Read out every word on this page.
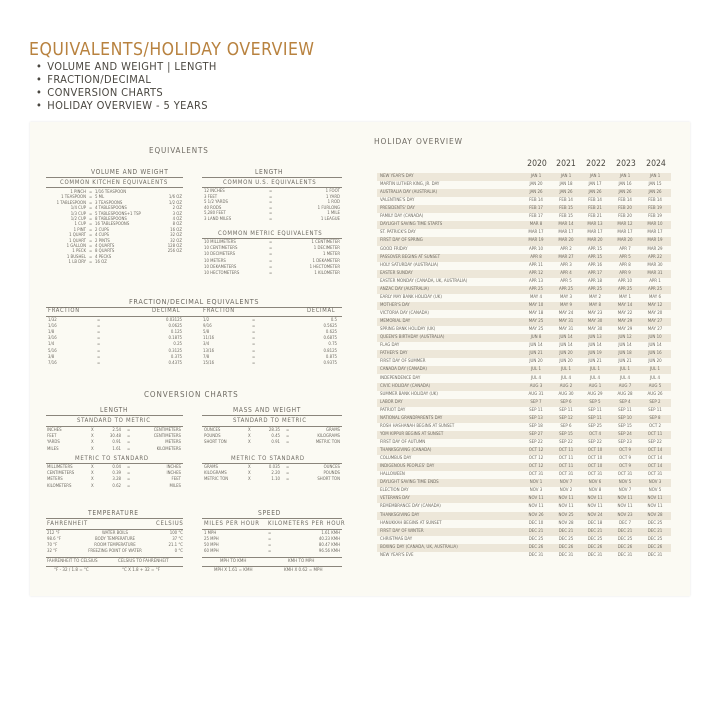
EQUIVALENTS/HOLIDAY OVERVIEW
• VOLUME AND WEIGHT | LENGTH
• FRACTION/DECIMAL
• CONVERSION CHARTS
• HOLIDAY OVERVIEW - 5 YEARS
EQUIVALENTS
VOLUME AND WEIGHT
COMMON KITCHEN EQUIVALENTS
LENGTH
COMMON U.S. EQUIVALENTS
COMMON METRIC EQUIVALENTS
FRACTION/DECIMAL EQUIVALENTS
FRACTION	DECIMAL	FRACTION	DECIMAL
CONVERSION CHARTS
LENGTH
STANDARD TO METRIC
METRIC TO STANDARD
MASS AND WEIGHT
STANDARD TO METRIC
METRIC TO STANDARD
TEMPERATURE
FAHRENHEIT	CELSIUS
FAHRENHEIT TO CELSIUS	CELSIUS TO FAHRENHEIT
°F - 32 / 1.8 = °C	°C X 1.8 + 32 = °F
SPEED
MILES PER HOUR KILOMETERS PER HOUR
MPH TO KMH	KMH TO MPH
MPH X 1.61 = KMH	KMH X 0.62 = MPH
HOLIDAY OVERVIEW
2020	2021	2022	2023	2024
1 PINCH = 1/16 TEASPOON
1 TEASPOON = 5 ML	1/6 OZ
1 TABLESPOON = 3 TEASPOONS	1/2 OZ
1/4 CUP = 4 TABLESPOONS	2 OZ
1/3 CUP = 5 TABLESPOONS+1 TSP	3 OZ
1/2 CUP = 8 TABLESPOONS	4 OZ
1 CUP = 16 TABLESPOONS	8 OZ
1 PINT = 2 CUPS	16 OZ
1 QUART = 4 CUPS	32 OZ
1 QUART = 2 PINTS	32 OZ
1 GALLON = 4 QUARTS	128 OZ
1 PECK = 8 QUARTS	256 OZ
1 BUSHEL = 4 PECKS
1 LB DRY = 16 OZ
12 INCHES	=	1 FOOT
3 FEET	=	1 YARD
5 1/2 YARDS	=	1 ROD
40 RODS	=	1 FURLONG
5,280 FEET	=	1 MILE
3 LAND MILES	=	1 LEAGUE
10 MILLIMETERS	=	1 CENTIMETER
10 CENTIMETERS	=	1 DECIMETER
10 DECIMETERS	=	1 METER
10 METERS	=	1 DEKAMETER
10 DEKAMETERS	=	1 HECTOMETER
10 HECTOMETERS	=	1 KILOMETER
1/32	=	0.03125
1/16	=	0.0625
1/8	=	0.125
3/16	=	0.1875
1/4	=	0.25
5/16	=	0.3125
3/8	=	0.375
7/16	=	0.4375
1/2	=	0.5
9/16	=	0.5625
5/8	=	0.625
11/16	=	0.6875
3/4	=	0.75
13/16	=	0.8125
7/8	=	0.875
15/16	=	0.9375
INCHES	X	2.54 =	CENTIMETERS
FEET	X	30.48 =	CENTIMETERS
YARDS	X	0.91 =	METERS
MILES	X	1.61 =	KILOMETERS
MILLIMETERS	X	0.04 =	INCHES
CENTIMETERS	X	0.39 =	INCHES
METERS	X	3.28 =	FEET
KILOMETERS	X	0.62 =	MILES
OUNCES	X	28.35 =	GRAMS
POUNDS	X	0.45 =	KILOGRAMS
SHORT TON	X	0.91 =	METRIC TON
GRAMS	X	0.035 =	OUNCES
KILOGRAMS	X	2.20 =	POUNDS
METRIC TON	X	1.10 =	SHORT TON
212 °F	WATER BOILS	100 °C
98.6 °F	BODY TEMPERATURE	37 °C
70 °F	ROOM TEMPERATURE	21.1 °C
32 °F	FREEZING POINT OF WATER	0 °C
1 MPH	=	1.61 KMH
25 MPH	=	40.23 KMH
50 MPH	=	80.47 KMH
60 MPH	=	96.56 KMH
NEW YEAR'S DAY	JAN 1	JAN 1	JAN 1	JAN 1	JAN 1
MARTIN LUTHER KING, JR. DAY	JAN 20	JAN 18	JAN 17	JAN 16	JAN 15
AUSTRALIA DAY (AUSTRALIA)	JAN 26	JAN 26	JAN 26	JAN 26	JAN 26
VALENTINE'S DAY	FEB 14	FEB 14	FEB 14	FEB 14	FEB 14
PRESIDENTS' DAY	FEB 17	FEB 15	FEB 21	FEB 20	FEB 19
FAMILY DAY (CANADA)	FEB 17	FEB 15	FEB 21	FEB 20	FEB 19
DAYLIGHT SAVING TIME STARTS	MAR 8	MAR 14	MAR 13	MAR 12	MAR 10
ST. PATRICK'S DAY	MAR 17	MAR 17	MAR 17	MAR 17	MAR 17
FIRST DAY OF SPRING	MAR 19	MAR 20	MAR 20	MAR 20	MAR 19
GOOD FRIDAY	APR 10	APR 2	APR 15	APR 7	MAR 29
PASSOVER BEGINS AT SUNSET	APR 8	MAR 27	APR 15	APR 5	APR 22
HOLY SATURDAY (AUSTRALIA)	APR 11	APR 3	APR 16	APR 8	MAR 30
EASTER SUNDAY	APR 12	APR 4	APR 17	APR 9	MAR 31
EASTER MONDAY (CANADA, UK, AUSTRALIA)	APR 13	APR 5	APR 18	APR 10	APR 1
ANZAC DAY (AUSTRALIA)	APR 25	APR 25	APR 25	APR 25	APR 25
EARLY MAY BANK HOLIDAY (UK)	MAY 4	MAY 3	MAY 2	MAY 1	MAY 6
MOTHER'S DAY	MAY 10	MAY 9	MAY 8	MAY 14	MAY 12
VICTORIA DAY (CANADA)	MAY 18	MAY 24	MAY 23	MAY 22	MAY 20
MEMORIAL DAY	MAY 25	MAY 31	MAY 30	MAY 29	MAY 27
SPRING BANK HOLIDAY (UK)	MAY 25	MAY 31	MAY 30	MAY 29	MAY 27
QUEEN'S BIRTHDAY (AUSTRALIA)	JUN 8	JUN 14	JUN 13	JUN 12	JUN 10
FLAG DAY	JUN 14	JUN 14	JUN 14	JUN 14	JUN 14
FATHER'S DAY	JUN 21	JUN 20	JUN 19	JUN 18	JUN 16
FIRST DAY OF SUMMER	JUN 20	JUN 20	JUN 21	JUN 21	JUN 20
CANADA DAY (CANADA)	JUL 1	JUL 1	JUL 1	JUL 1	JUL 1
INDEPENDENCE DAY	JUL 4	JUL 4	JUL 4	JUL 4	JUL 4
CIVIC HOLIDAY (CANADA)	AUG 3	AUG 2	AUG 1	AUG 7	AUG 5
SUMMER BANK HOLIDAY (UK)	AUG 31	AUG 30	AUG 29	AUG 28	AUG 26
LABOR DAY	SEP 7	SEP 6	SEP 5	SEP 4	SEP 2
PATRIOT DAY	SEP 11	SEP 11	SEP 11	SEP 11	SEP 11
NATIONAL GRANDPARENTS DAY	SEP 13	SEP 12	SEP 11	SEP 10	SEP 8
ROSH HASHANAH BEGINS AT SUNSET	SEP 18	SEP 6	SEP 25	SEP 15	OCT 2
YOM KIPPUR BEGINS AT SUNSET	SEP 27	SEP 15	OCT 4	SEP 24	OCT 11
FIRST DAY OF AUTUMN	SEP 22	SEP 22	SEP 22	SEP 23	SEP 22
THANKSGIVING (CANADA)	OCT 12	OCT 11	OCT 10	OCT 9	OCT 14
COLUMBUS DAY	OCT 12	OCT 11	OCT 10	OCT 9	OCT 14
INDIGENOUS PEOPLES' DAY	OCT 12	OCT 11	OCT 10	OCT 9	OCT 14
HALLOWEEN	OCT 31	OCT 31	OCT 31	OCT 31	OCT 31
DAYLIGHT SAVING TIME ENDS	NOV 1	NOV 7	NOV 6	NOV 5	NOV 3
ELECTION DAY	NOV 3	NOV 2	NOV 8	NOV 7	NOV 5
VETERANS DAY	NOV 11	NOV 11	NOV 11	NOV 11	NOV 11
REMEMBRANCE DAY (CANADA)	NOV 11	NOV 11	NOV 11	NOV 11	NOV 11
THANKSGIVING DAY	NOV 26	NOV 25	NOV 24	NOV 23	NOV 28
HANUKKAH BEGINS AT SUNSET	DEC 10	NOV 28	DEC 18	DEC 7	DEC 25
FIRST DAY OF WINTER	DEC 21	DEC 21	DEC 21	DEC 21	DEC 21
CHRISTMAS DAY	DEC 25	DEC 25	DEC 25	DEC 25	DEC 25
BOXING DAY (CANADA, UK, AUSTRALIA)	DEC 26	DEC 26	DEC 26	DEC 26	DEC 26
NEW YEAR'S EVE	DEC 31	DEC 31	DEC 31	DEC 31	DEC 31
